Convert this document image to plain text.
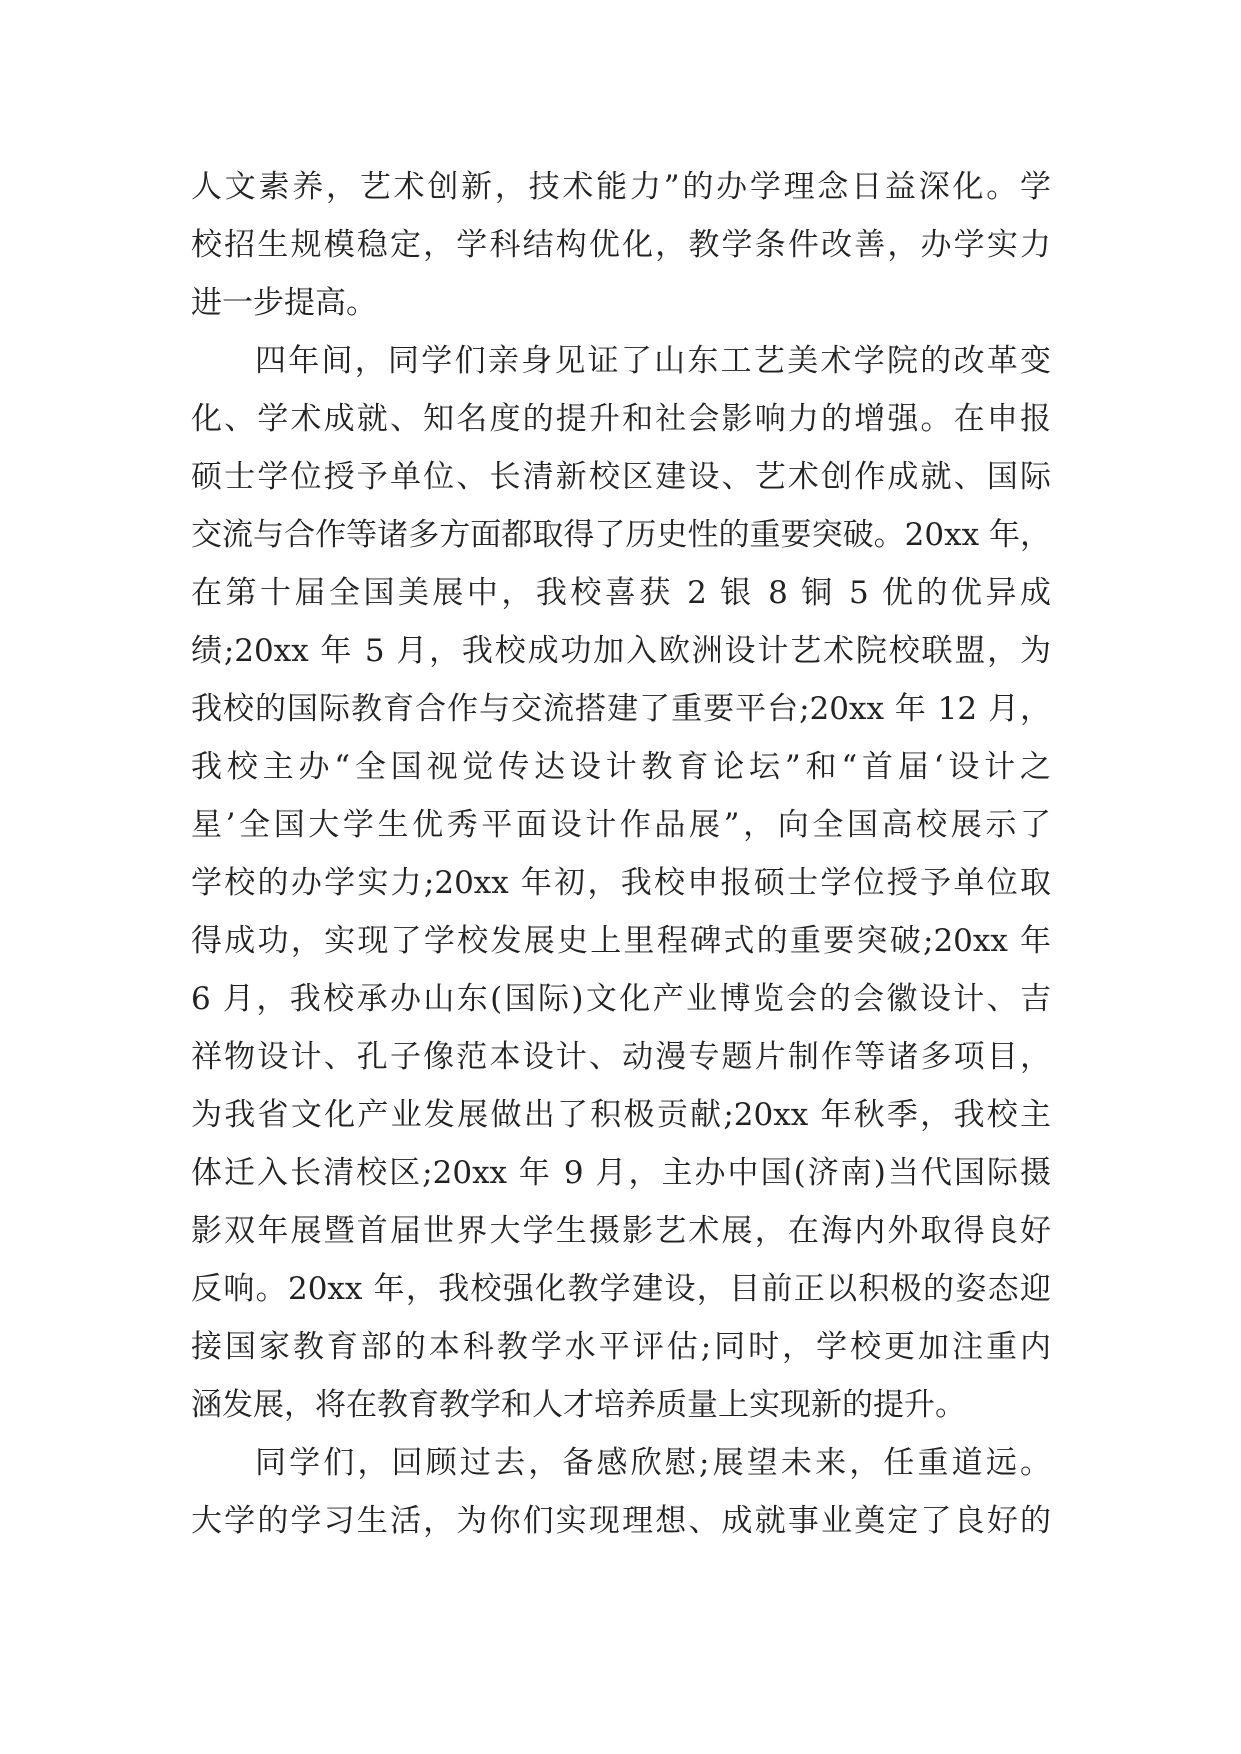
人文素养，艺术创新，技术能力”的办学理念日益深化。学
校招生规模稳定，学科结构优化，教学条件改善，办学实力
进一步提高。
四年间，同学们亲身见证了山东工艺美术学院的改革变
化、学术成就、知名度的提升和社会影响力的增强。在申报
硕士学位授予单位、长清新校区建设、艺术创作成就、国际
交流与合作等诸多方面都取得了历史性的重要突破。20xx 年，
在第十届全国美展中，我校喜获 2 银 8 铜 5 优的优异成
绩;20xx 年 5 月，我校成功加入欧洲设计艺术院校联盟，为
我校的国际教育合作与交流搭建了重要平台;20xx 年 12 月，
我校主办“全国视觉传达设计教育论坛”和“首届‘设计之
星’全国大学生优秀平面设计作品展”，向全国高校展示了
学校的办学实力;20xx 年初，我校申报硕士学位授予单位取
得成功，实现了学校发展史上里程碑式的重要突破;20xx 年
6 月，我校承办山东(国际)文化产业博览会的会徽设计、吉
祥物设计、孔子像范本设计、动漫专题片制作等诸多项目，
为我省文化产业发展做出了积极贡献;20xx 年秋季，我校主
体迁入长清校区;20xx 年 9 月，主办中国(济南)当代国际摄
影双年展暨首届世界大学生摄影艺术展，在海内外取得良好
反响。20xx 年，我校强化教学建设，目前正以积极的姿态迎
接国家教育部的本科教学水平评估;同时，学校更加注重内
涵发展，将在教育教学和人才培养质量上实现新的提升。
同学们，回顾过去，备感欣慰;展望未来，任重道远。
大学的学习生活，为你们实现理想、成就事业奠定了良好的
